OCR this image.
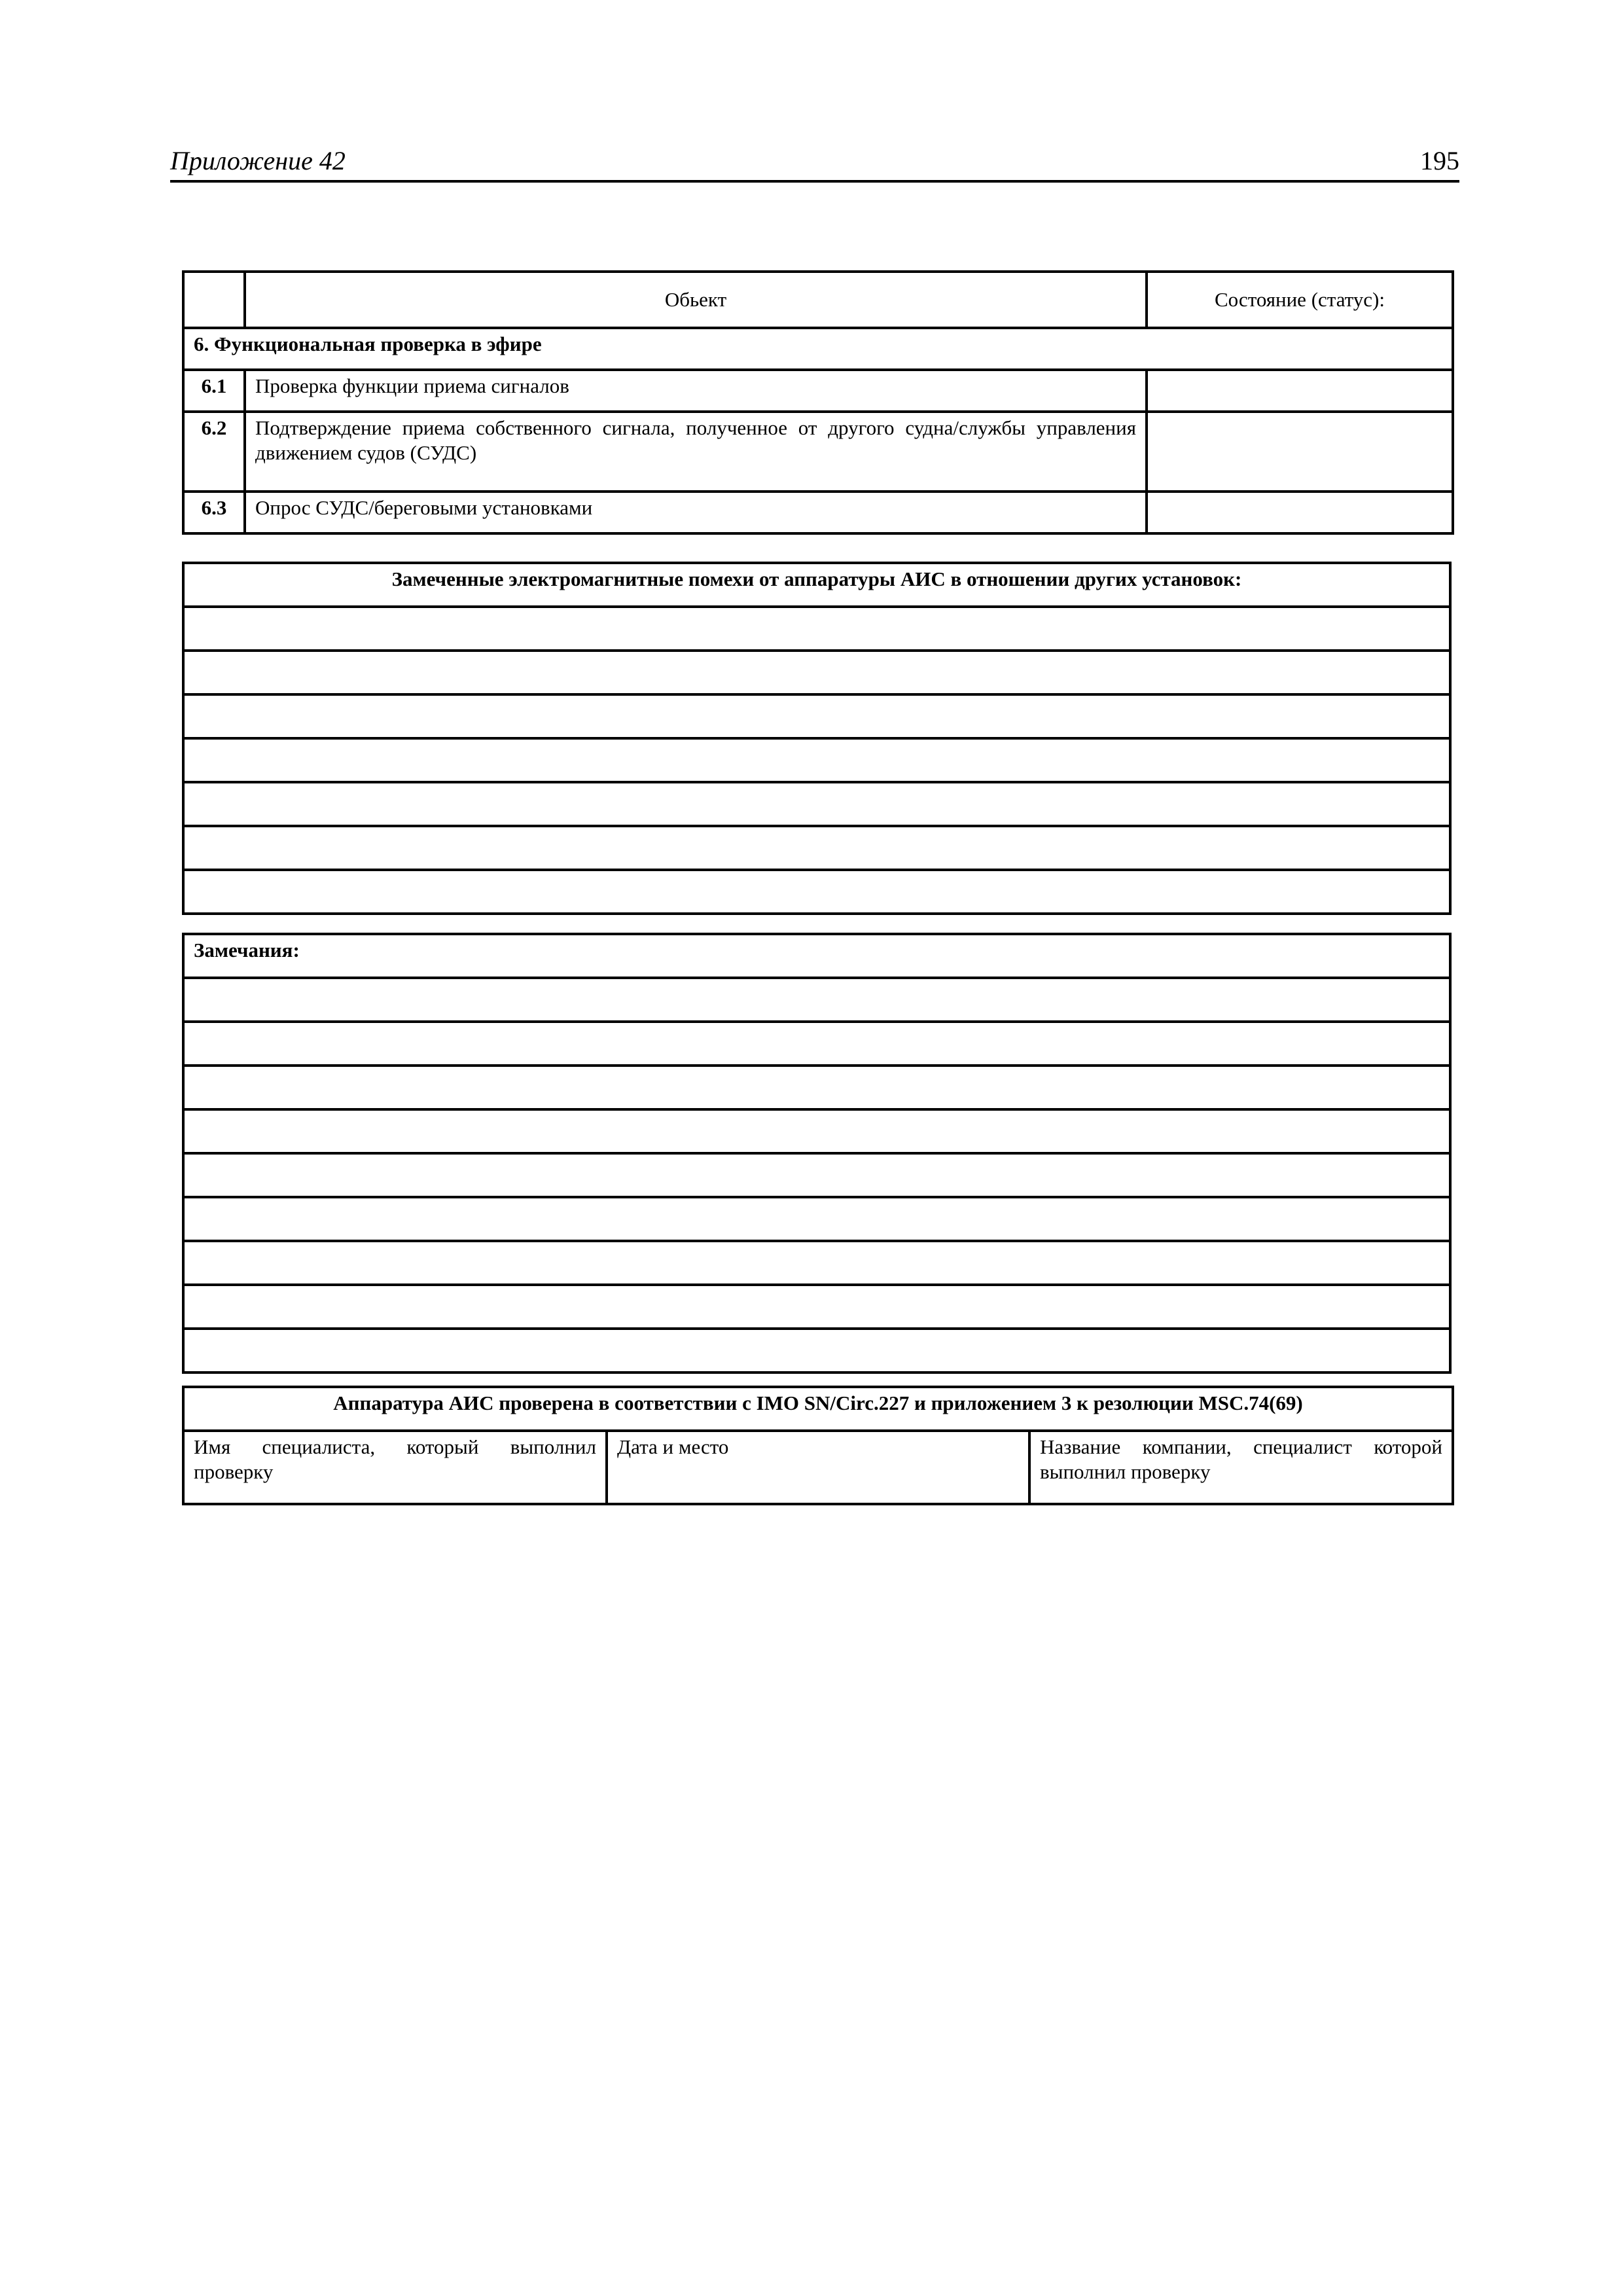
Приложение 42	195
	Обьект	Состояние (статус):
6. Функциональная проверка в эфире		
6.1	Проверка функции приема сигналов	
6.2	Подтверждение приема собственного сигнала, полученное от другого судна/службы управления движением судов (СУДС)	
6.3	Опрос СУДС/береговыми установками	
Замеченные электромагнитные помехи от аппаратуры АИС в отношении других установок:

Замечания:

Аппаратура АИС проверена в соответствии с IMO SN/Circ.227 и приложением 3 к резолюции MSC.74(69)
Имя специалиста, который выполнил проверку	Дата и место	Название компании, специалист которой выполнил проверку
